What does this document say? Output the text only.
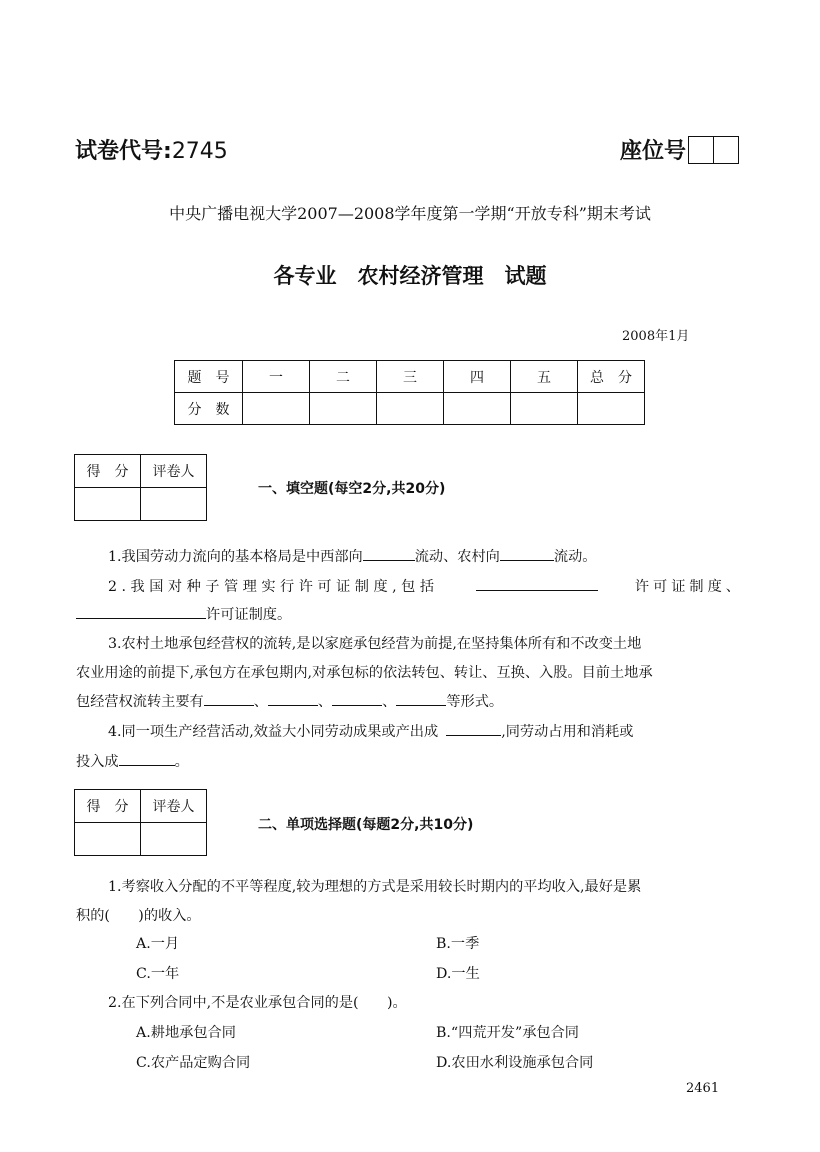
试卷代号:2745	座位号
中央广播电视大学2007—2008学年度第一学期“开放专科”期末考试
各专业　农村经济管理　试题
2008年1月
题　号	一	二	三	四	五	总　分
分　数						
得　分	评卷人

一、填空题(每空2分,共20分)
1.我国劳动力流向的基本格局是中西部向	流动、农村向	流动。
2.我国对种子管理实行许可证制度,包括	许可证制度、
许可证制度。
3.农村土地承包经营权的流转,是以家庭承包经营为前提,在坚持集体所有和不改变土地
农业用途的前提下,承包方在承包期内,对承包标的依法转包、转让、互换、入股。目前土地承
包经营权流转主要有	、	、	、	等形式。
4.同一项生产经营活动,效益大小同劳动成果或产出成	,同劳动占用和消耗或
投入成	。
得　分	评卷人

二、单项选择题(每题2分,共10分)
1.考察收入分配的不平等程度,较为理想的方式是采用较长时期内的平均收入,最好是累
积的(　　)的收入。
A.一月	B.一季
C.一年	D.一生
2.在下列合同中,不是农业承包合同的是(　　)。
A.耕地承包合同	B.“四荒开发”承包合同
C.农产品定购合同	D.农田水利设施承包合同
2461
